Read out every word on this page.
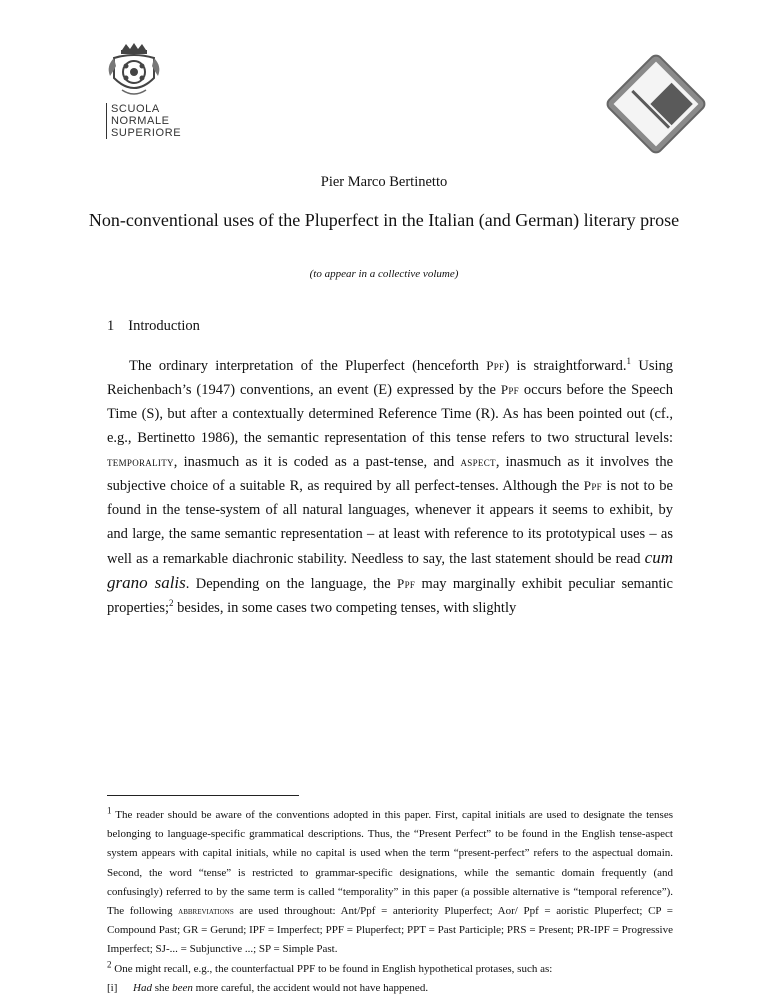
SCUOLA
NORMALE
SUPERIORE
Pier Marco Bertinetto
Non-conventional uses of the Pluperfect in the Italian (and German) literary prose
(to appear in a collective volume)
1 Introduction

The ordinary interpretation of the Pluperfect (henceforth Ppf) is straightforward.$^1$ Using Reichenbach’s (1947) conventions, an event (E) expressed by the Ppf occurs before the Speech Time (S), but after a contextually determined Reference Time (R). As has been pointed out (cf., e.g., Bertinetto 1986), the semantic representation of this tense refers to two structural levels: temporality, inasmuch as it is coded as a past-tense, and aspect, inasmuch as it involves the subjective choice of a suitable R, as required by all perfect-tenses. Although the Ppf is not to be found in the tense-system of all natural languages, whenever it appears it seems to exhibit, by and large, the same semantic representation – at least with reference to its prototypical uses – as well as a remarkable diachronic stability. Needless to say, the last statement should be read cum grano salis. Depending on the language, the Ppf may marginally exhibit peculiar semantic properties;$^2$ besides, in some cases two competing tenses, with slightly

$^1$ The reader should be aware of the conventions adopted in this paper. First, capital initials are used to designate the tenses belonging to language-specific grammatical descriptions. Thus, the “Present Perfect” to be found in the English tense-aspect system appears with capital initials, while no capital is used when the term “present-perfect” refers to the aspectual domain. Second, the word “tense” is restricted to grammar-specific designations, while the semantic domain frequently (and confusingly) referred to by the same term is called “temporality” in this paper (a possible alternative is “temporal reference”). The following abbreviations are used throughout: Ant/Ppf = anteriority Pluperfect; Aor/ Ppf = aoristic Pluperfect; CP = Compound Past; GR = Gerund; IPF = Imperfect; PPF = Pluperfect; PPT = Past Participle; PRS = Present; PR-IPF = Progressive Imperfect; SJ-... = Subjunctive ...; SP = Simple Past.

$^2$ One might recall, e.g., the counterfactual PPF to be found in English hypothetical protases, such as:

[i] Had she been more careful, the accident would not have happened.
